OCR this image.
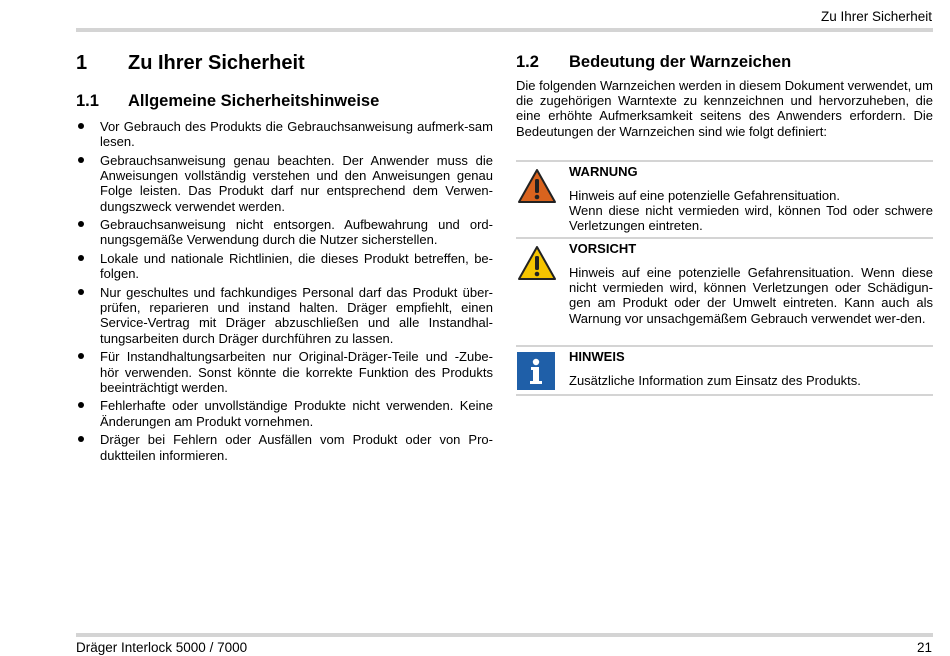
Zu Ihrer Sicherheit
1	Zu Ihrer Sicherheit
1.1	Allgemeine Sicherheitshinweise
Vor Gebrauch des Produkts die Gebrauchsanweisung aufmerk-sam lesen.
Gebrauchsanweisung genau beachten. Der Anwender muss die Anweisungen vollständig verstehen und den Anweisungen genau Folge leisten. Das Produkt darf nur entsprechend dem Verwen-dungszweck verwendet werden.
Gebrauchsanweisung nicht entsorgen. Aufbewahrung und ord-nungsgemäße Verwendung durch die Nutzer sicherstellen.
Lokale und nationale Richtlinien, die dieses Produkt betreffen, be-folgen.
Nur geschultes und fachkundiges Personal darf das Produkt über-prüfen, reparieren und instand halten. Dräger empfiehlt, einen Service-Vertrag mit Dräger abzuschließen und alle Instandhal-tungsarbeiten durch Dräger durchführen zu lassen.
Für Instandhaltungsarbeiten nur Original-Dräger-Teile und -Zube-hör verwenden. Sonst könnte die korrekte Funktion des Produkts beeinträchtigt werden.
Fehlerhafte oder unvollständige Produkte nicht verwenden. Keine Änderungen am Produkt vornehmen.
Dräger bei Fehlern oder Ausfällen vom Produkt oder von Pro-duktteilen informieren.
1.2	Bedeutung der Warnzeichen
Die folgenden Warnzeichen werden in diesem Dokument verwendet, um die zugehörigen Warntexte zu kennzeichnen und hervorzuheben, die eine erhöhte Aufmerksamkeit seitens des Anwenders erfordern. Die Bedeutungen der Warnzeichen sind wie folgt definiert:
WARNUNG
Hinweis auf eine potenzielle Gefahrensituation.
Wenn diese nicht vermieden wird, können Tod oder schwere Verletzungen eintreten.
VORSICHT
Hinweis auf eine potenzielle Gefahrensituation. Wenn diese nicht vermieden wird, können Verletzungen oder Schädigun-gen am Produkt oder der Umwelt eintreten. Kann auch als Warnung vor unsachgemäßem Gebrauch verwendet wer-den.
HINWEIS
Zusätzliche Information zum Einsatz des Produkts.
Dräger Interlock 5000 / 7000	21
